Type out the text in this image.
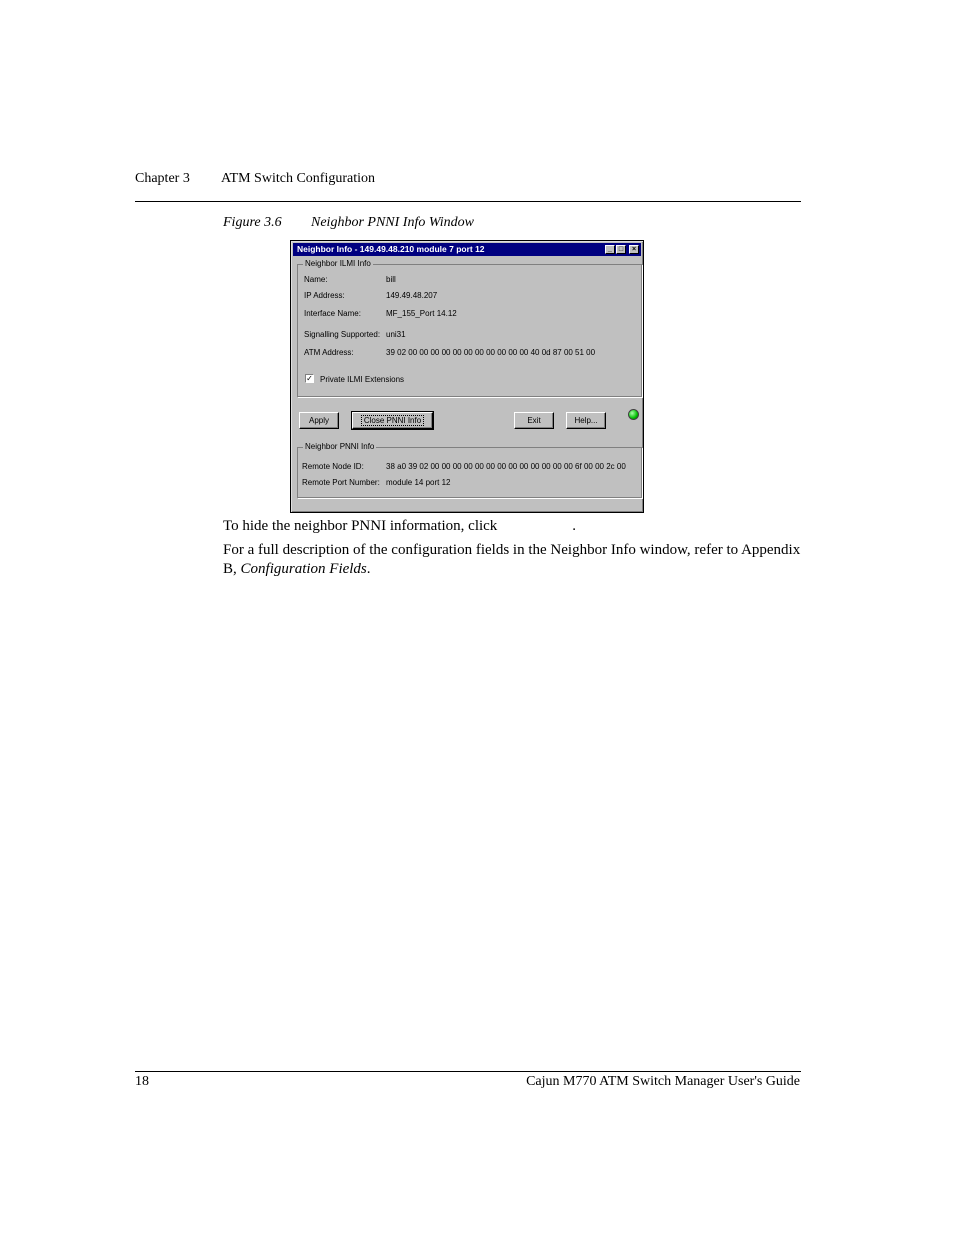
Chapter 3 ATM Switch Configuration
Figure 3.6 Neighbor PNNI Info Window
Neighbor Info - 149.49.48.210 module 7 port 12	_ □	×
Neighbor ILMI Info
Name:	bill
IP Address:	149.49.48.207
Interface Name:	MF_155_Port 14.12
Signalling Supported: uni31
ATM Address:	39 02 00 00 00 00 00 00 00 00 00 00 00 40 0d 87 00 51 00
✓ Private ILMI Extensions
Apply	Close PNNI Info	Exit	Help...
Neighbor PNNI Info
Remote Node ID:	38 a0 39 02 00 00 00 00 00 00 00 00 00 00 00 00 00 6f 00 00 2c 00
Remote Port Number: module 14 port 12
To hide the neighbor PNNI information, click                    .
For a full description of the configuration fields in the Neighbor Info window, refer to Appendix B, Configuration Fields.
18	Cajun M770 ATM Switch Manager User's Guide
